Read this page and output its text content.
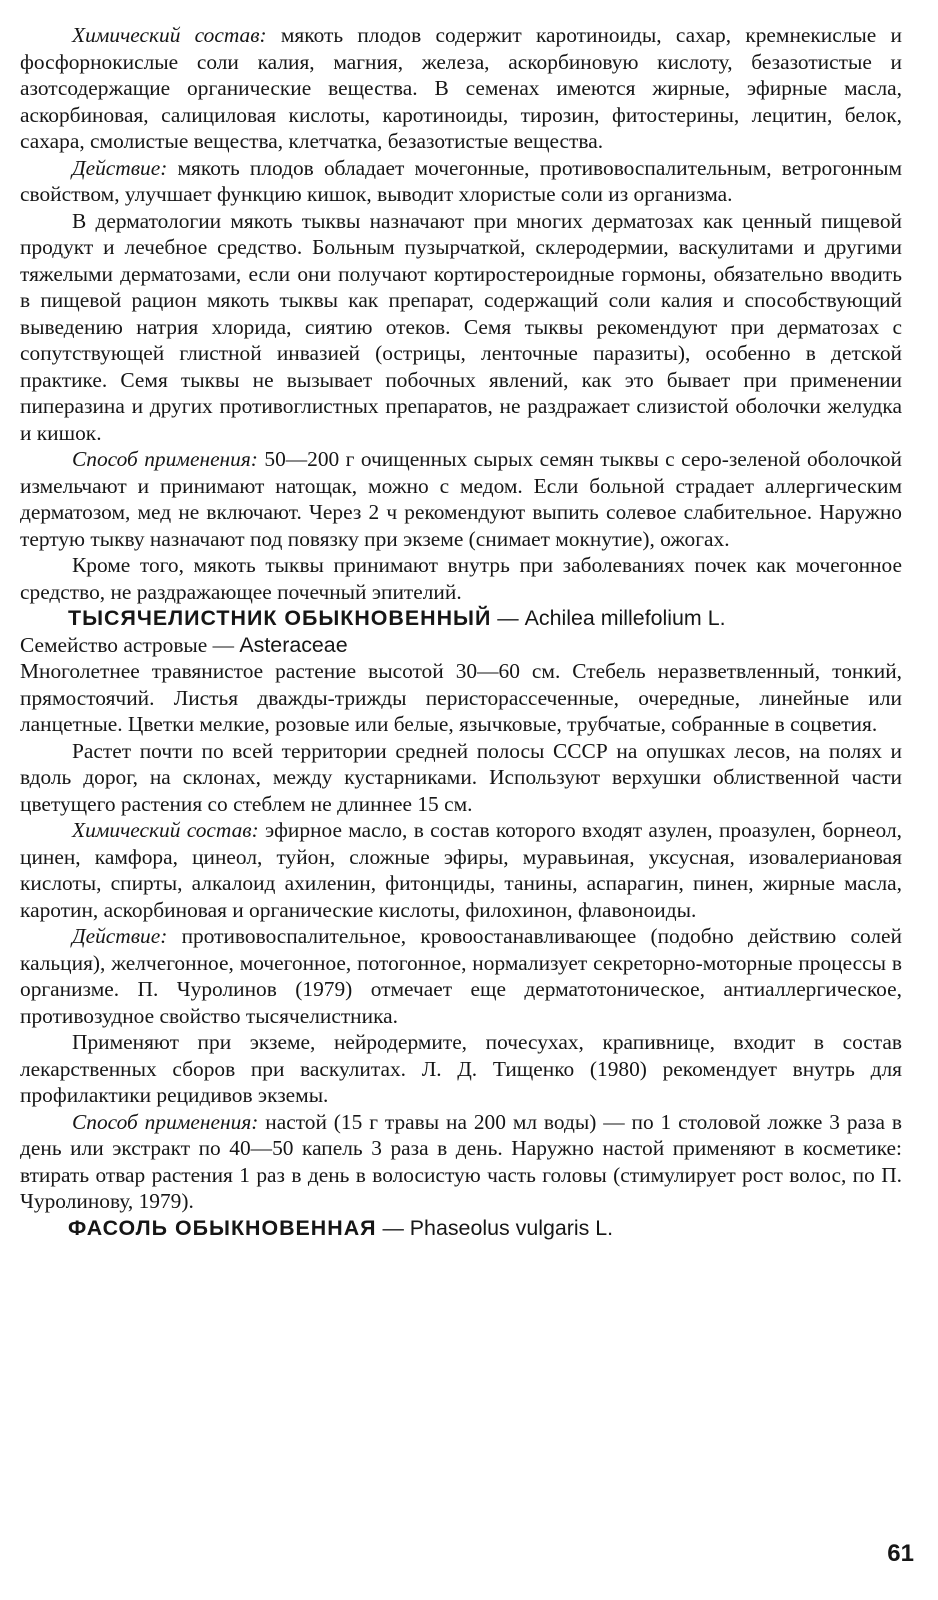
Химический состав: мякоть плодов содержит каротиноиды, сахар, кремнекислые и фосфорнокислые соли калия, магния, железа, аскорбиновую кислоту, безазотистые и азотсодержащие органические вещества. В семенах имеются жирные, эфирные масла, аскорбиновая, салициловая кислоты, каротиноиды, тирозин, фитостерины, лецитин, белок, сахара, смолистые вещества, клетчатка, безазотистые вещества.

Действие: мякоть плодов обладает мочегонные, противовоспалительным, ветрогонным свойством, улучшает функцию кишок, выводит хлористые соли из организма.

В дерматологии мякоть тыквы назначают при многих дерматозах как ценный пищевой продукт и лечебное средство. Больным пузырчаткой, склеродермии, васкулитами и другими тяжелыми дерматозами, если они получают кортиростероидные гормоны, обязательно вводить в пищевой рацион мякоть тыквы как препарат, содержащий соли калия и способствующий выведению натрия хлорида, сиятию отеков. Семя тыквы рекомендуют при дерматозах с сопутствующей глистной инвазией (острицы, ленточные паразиты), особенно в детской практике. Семя тыквы не вызывает побочных явлений, как это бывает при применении пиперазина и других противоглистных препаратов, не раздражает слизистой оболочки желудка и кишок.

Способ применения: 50—200 г очищенных сырых семян тыквы с серо-зеленой оболочкой измельчают и принимают натощак, можно с медом. Если больной страдает аллергическим дерматозом, мед не включают. Через 2 ч рекомендуют выпить солевое слабительное. Наружно тертую тыкву назначают под повязку при экземе (снимает мокнутие), ожогах.

Кроме того, мякоть тыквы принимают внутрь при заболеваниях почек как мочегонное средство, не раздражающее почечный эпителий.

ТЫСЯЧЕЛИСТНИК ОБЫКНОВЕННЫЙ — Achilea millefolium L.

Семейство астровые — Asteraceae

Многолетнее травянистое растение высотой 30—60 см. Стебель неразветвленный, тонкий, прямостоячий. Листья дважды-трижды перисторассеченные, очередные, линейные или ланцетные. Цветки мелкие, розовые или белые, язычковые, трубчатые, собранные в соцветия.

Растет почти по всей территории средней полосы СССР на опушках лесов, на полях и вдоль дорог, на склонах, между кустарниками. Используют верхушки облиственной части цветущего растения со стеблем не длиннее 15 см.

Химический состав: эфирное масло, в состав которого входят азулен, проазулен, борнеол, цинен, камфора, цинеол, туйон, сложные эфиры, муравьиная, уксусная, изовалериановая кислоты, спирты, алкалоид ахиленин, фитонциды, танины, аспарагин, пинен, жирные масла, каротин, аскорбиновая и органические кислоты, филохинон, флавоноиды.

Действие: противовоспалительное, кровоостанавливающее (подобно действию солей кальция), желчегонное, мочегонное, потогонное, нормализует секреторно-моторные процессы в организме. П. Чуролинов (1979) отмечает еще дерматотоническое, антиаллергическое, противозудное свойство тысячелистника.

Применяют при экземе, нейродермите, почесухах, крапивнице, входит в состав лекарственных сборов при васкулитах. Л. Д. Тищенко (1980) рекомендует внутрь для профилактики рецидивов экземы.

Способ применения: настой (15 г травы на 200 мл воды) — по 1 столовой ложке 3 раза в день или экстракт по 40—50 капель 3 раза в день. Наружно настой применяют в косметике: втирать отвар растения 1 раз в день в волосистую часть головы (стимулирует рост волос, по П. Чуролинову, 1979).

ФАСОЛЬ ОБЫКНОВЕННАЯ — Phaseolus vulgaris L.

61
